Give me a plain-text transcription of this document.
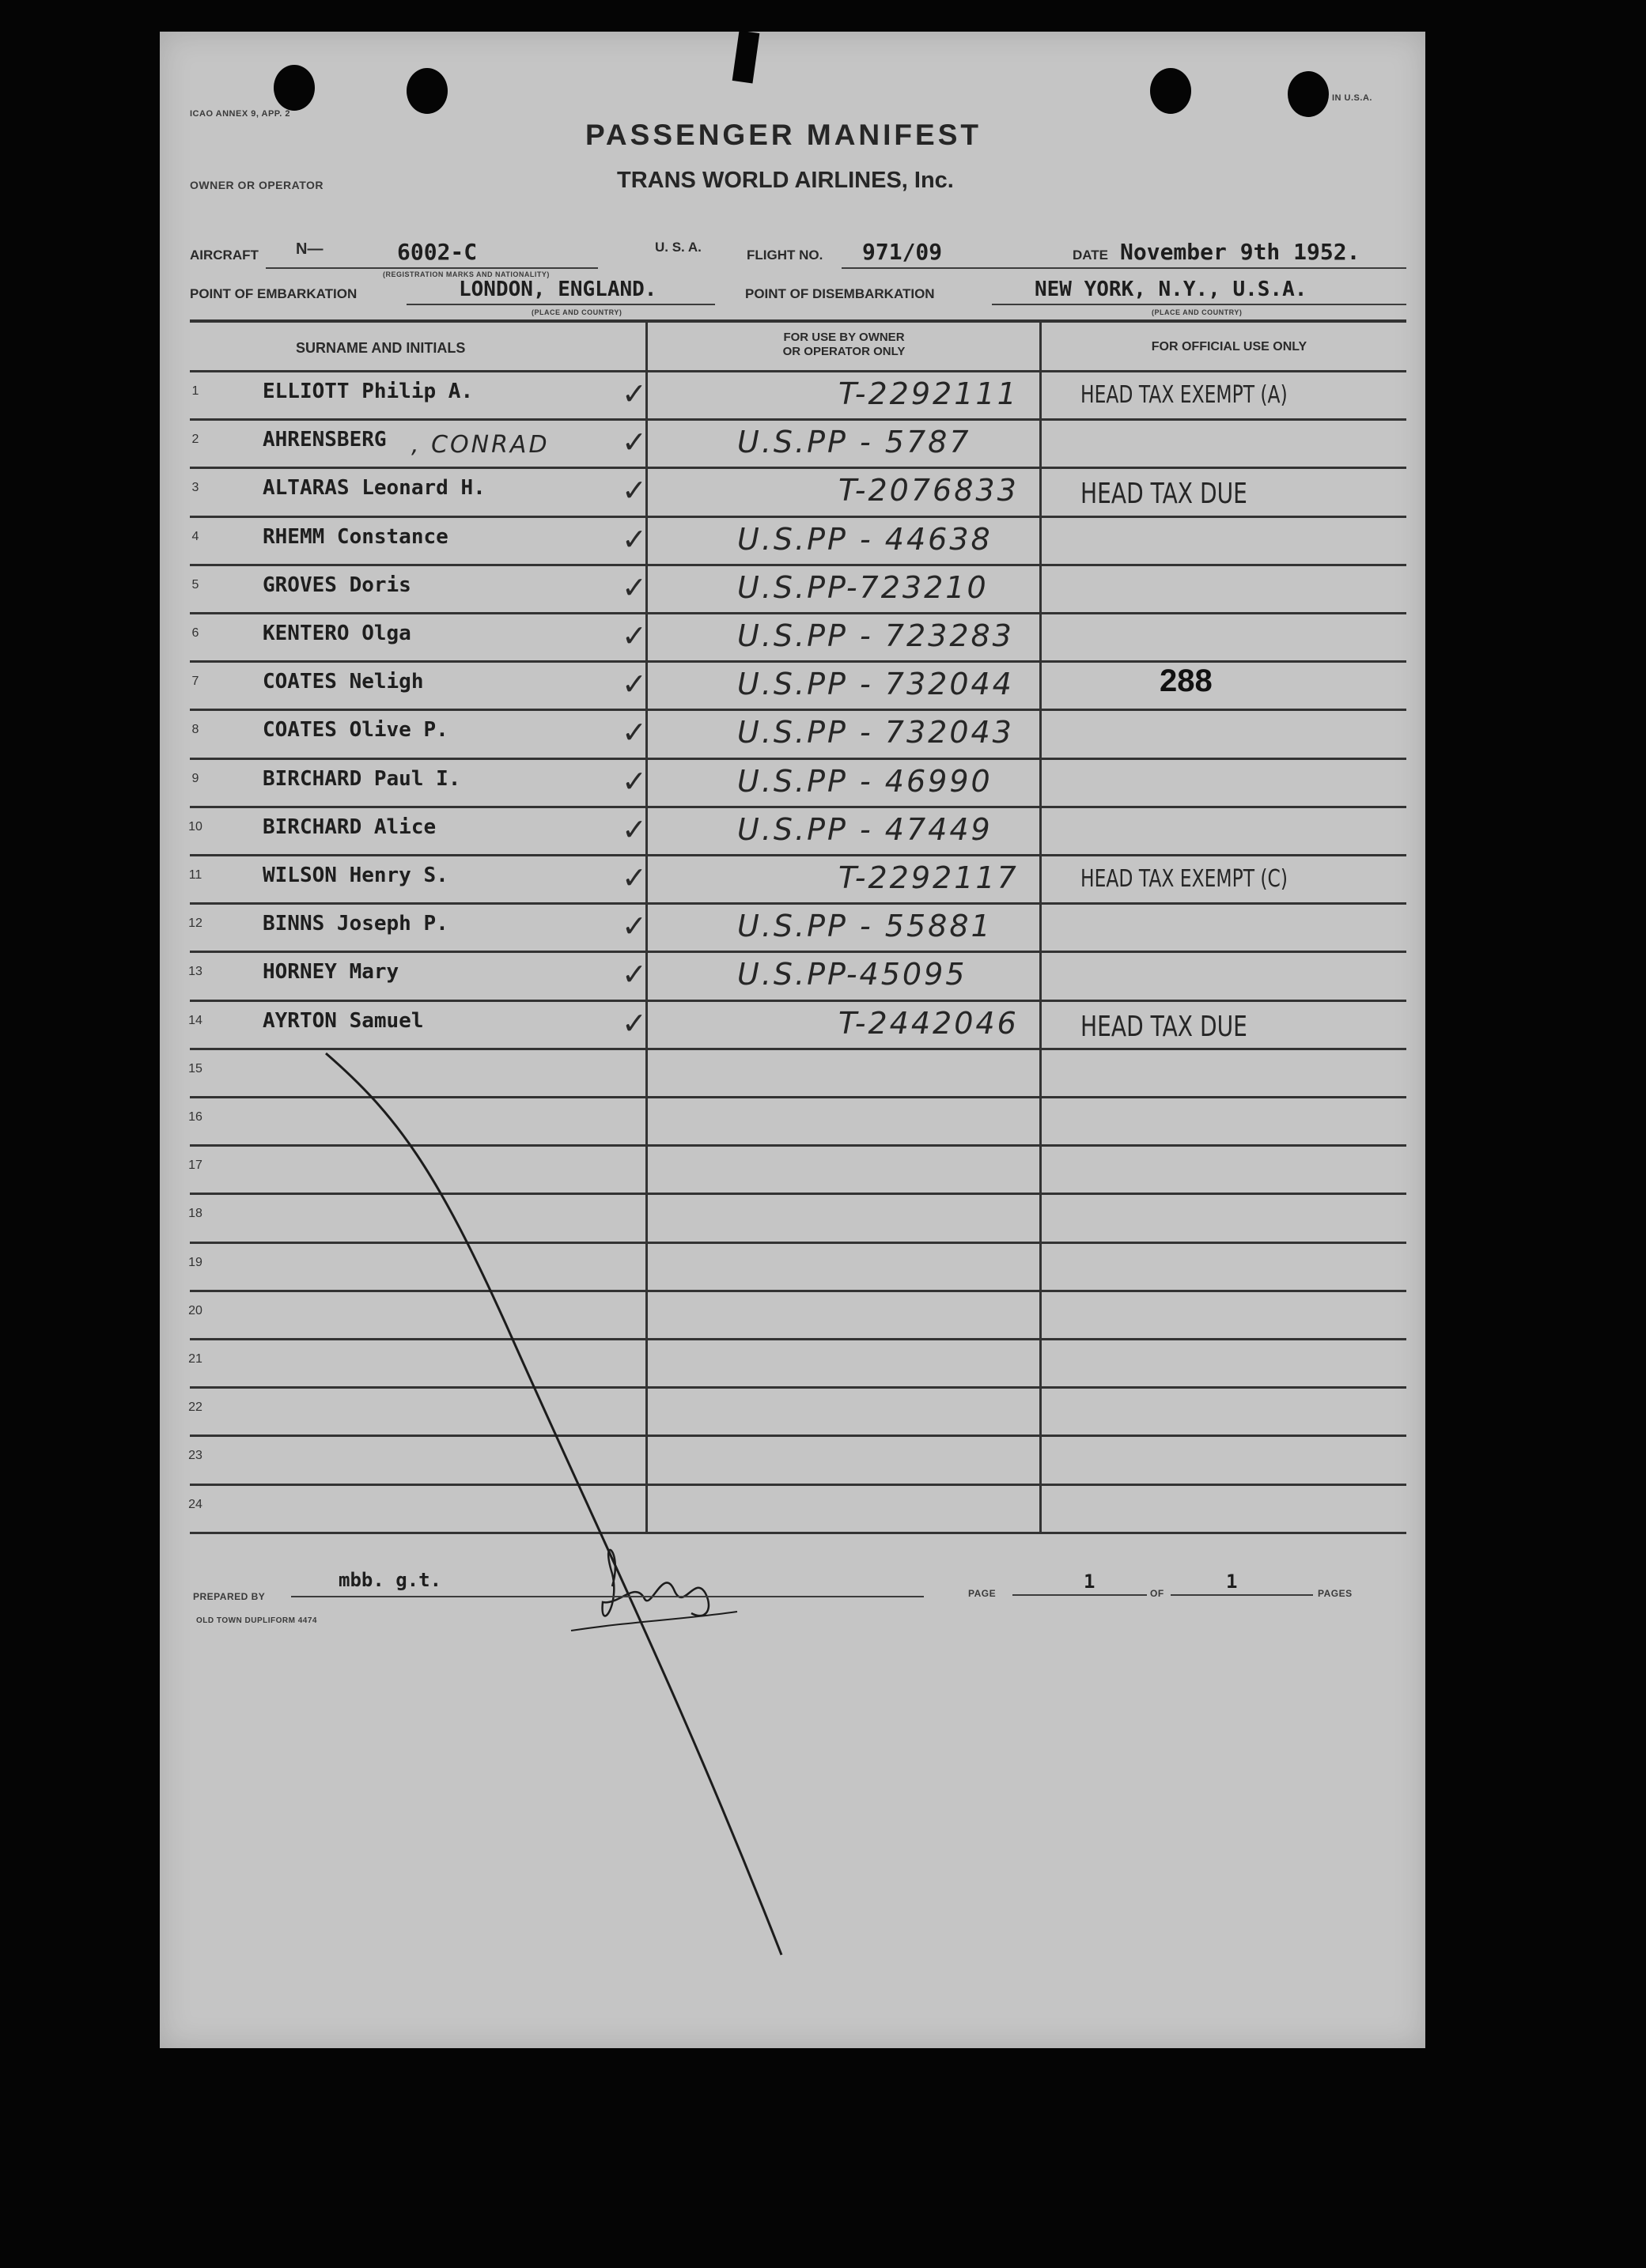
ICAO ANNEX 9, APP. 2
IN U.S.A.
PASSENGER MANIFEST
TRANS WORLD AIRLINES, Inc.
OWNER OR OPERATOR
AIRCRAFT N—	6002-C
(REGISTRATION MARKS AND NATIONALITY)
U. S. A.
FLIGHT NO. 971/09	DATE November 9th 1952.
POINT OF EMBARKATION	LONDON, ENGLAND.
(PLACE AND COUNTRY)
POINT OF DISEMBARKATION	NEW YORK, N.Y., U.S.A.
(PLACE AND COUNTRY)
SURNAME AND INITIALS
FOR USE BY OWNER
OR OPERATOR ONLY	FOR OFFICIAL USE ONLY
1	ELLIOTT Philip A.	✓	T-2292111	HEAD TAX EXEMPT (A)
2	AHRENSBERG , CONRAD ✓	U.S.PP - 5787
3	ALTARAS Leonard H.	✓	T-2076833 HEAD TAX DUE
4	RHEMM Constance	✓	U.S.PP - 44638
5	GROVES Doris	✓	U.S.PP-723210
6	KENTERO Olga	✓	U.S.PP - 723283
7	COATES Neligh	✓	U.S.PP - 732044	288
8	COATES Olive P.	✓	U.S.PP - 732043
9	BIRCHARD Paul I.	✓	U.S.PP - 46990
10	BIRCHARD Alice	✓	U.S.PP - 47449
11	WILSON Henry S.	✓	T-2292117	HEAD TAX EXEMPT (C)
12	BINNS Joseph P.	✓	U.S.PP - 55881
13	HORNEY Mary	✓	U.S.PP-45095
14	AYRTON Samuel	✓	T-2442046 HEAD TAX DUE
15
16
17
18
19
20
21
22
23
24
PREPARED BY
mbb. g.t.
PAGE
1
OF
1
PAGES
OLD TOWN DUPLIFORM 4474
